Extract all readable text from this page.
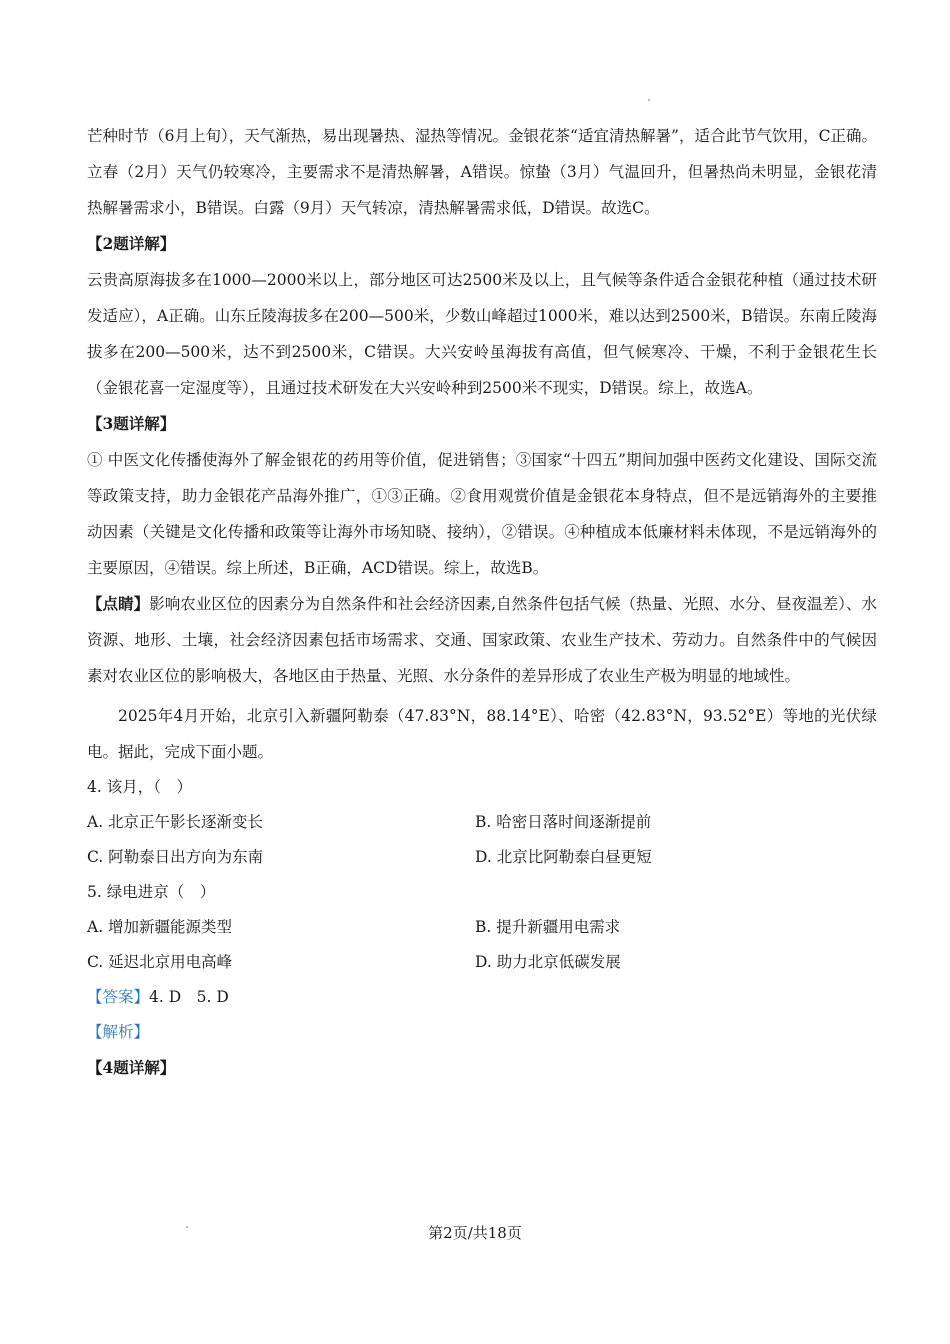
芒种时节（6月上旬），天气渐热，易出现暑热、湿热等情况。金银花茶“适宜清热解暑”，适合此节气饮用，C正确。立春（2月）天气仍较寒冷，主要需求不是清热解暑，A错误。惊蛰（3月）气温回升，但暑热尚未明显，金银花清热解暑需求小，B错误。白露（9月）天气转凉，清热解暑需求低，D错误。故选C。

【2题详解】

云贵高原海拔多在1000—2000米以上，部分地区可达2500米及以上，且气候等条件适合金银花种植（通过技术研发适应），A正确。山东丘陵海拔多在200—500米，少数山峰超过1000米，难以达到2500米，B错误。东南丘陵海拔多在200—500米，达不到2500米，C错误。大兴安岭虽海拔有高值，但气候寒冷、干燥，不利于金银花生长（金银花喜一定湿度等），且通过技术研发在大兴安岭种到2500米不现实，D错误。综上，故选A。

【3题详解】

① 中医文化传播使海外了解金银花的药用等价值，促进销售；③国家“十四五”期间加强中医药文化建设、国际交流等政策支持，助力金银花产品海外推广，①③正确。②食用观赏价值是金银花本身特点，但不是远销海外的主要推动因素（关键是文化传播和政策等让海外市场知晓、接纳），②错误。④种植成本低廉材料未体现，不是远销海外的主要原因，④错误。综上所述，B正确，ACD错误。综上，故选B。

【点睛】影响农业区位的因素分为自然条件和社会经济因素,自然条件包括气候（热量、光照、水分、昼夜温差）、水资源、地形、土壤，社会经济因素包括市场需求、交通、国家政策、农业生产技术、劳动力。自然条件中的气候因素对农业区位的影响极大，各地区由于热量、光照、水分条件的差异形成了农业生产极为明显的地域性。

2025年4月开始，北京引入新疆阿勒泰（47.83°N，88.14°E）、哈密（42.83°N，93.52°E）等地的光伏绿电。据此，完成下面小题。

4. 该月，（　）
A. 北京正午影长逐渐变长	B. 哈密日落时间逐渐提前
C. 阿勒泰日出方向为东南	D. 北京比阿勒泰白昼更短
5. 绿电进京（　）
A. 增加新疆能源类型	B. 提升新疆用电需求
C. 延迟北京用电高峰	D. 助力北京低碳发展
【答案】4. D　5. D
【解析】
【4题详解】
第2页/共18页
